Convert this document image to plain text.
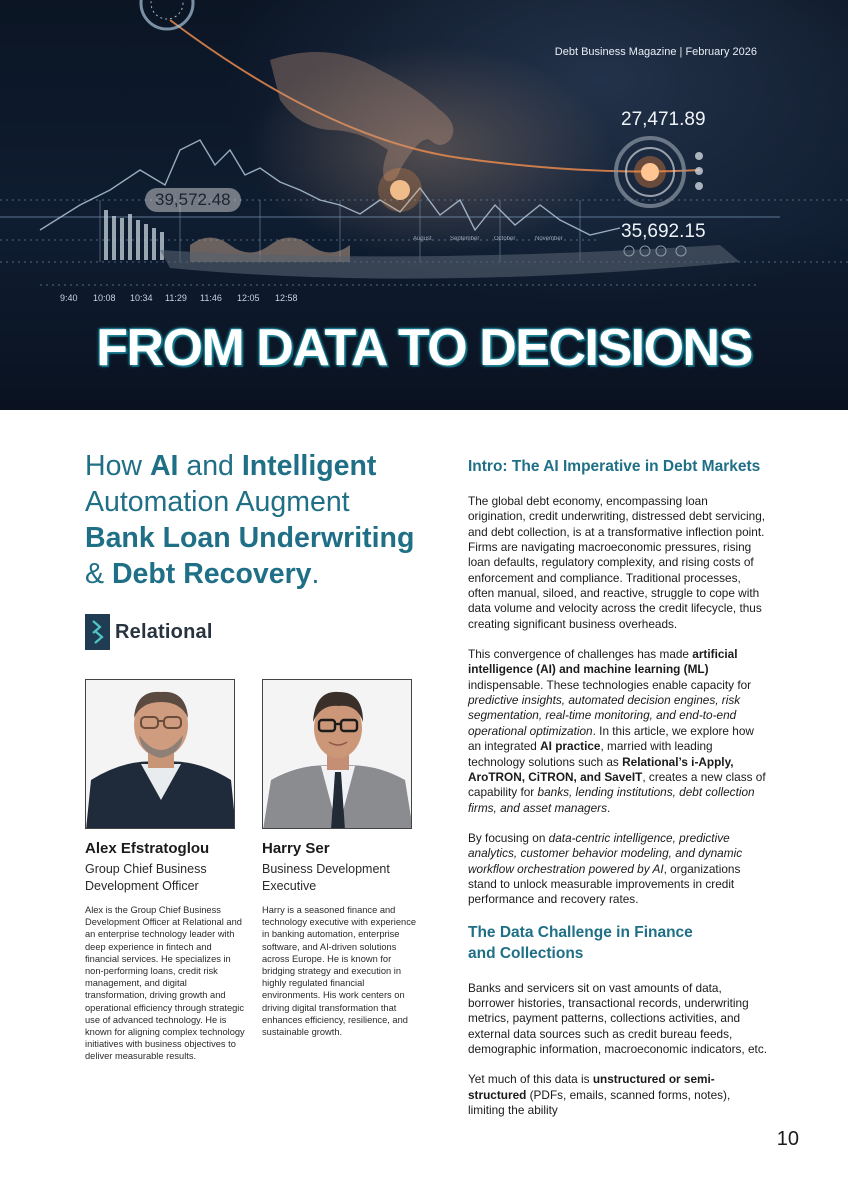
August	September October	November
Debt Business Magazine | February 2026
27,471.89
39,572.48
35,692.15
9:40 10:08 10:34 11:29 11:46 12:05 12:58
FROM DATA TO DECISIONS
How AI and Intelligent
Automation Augment
Bank Loan Underwriting
& Debt Recovery.
Relational
Alex Efstratoglou
Group Chief Business Development Officer
Alex is the Group Chief Business Development Officer at Relational and an enterprise technology leader with deep experience in fintech and financial services. He specializes in non-performing loans, credit risk management, and digital transformation, driving growth and operational efficiency through strategic use of advanced technology. He is known for aligning complex technology initiatives with business objectives to deliver measurable results.
Harry Ser
Business Development Executive
Harry is a seasoned finance and technology executive with experience in banking automation, enterprise software, and AI-driven solutions across Europe. He is known for bridging strategy and execution in highly regulated financial environments. His work centers on driving digital transformation that enhances efficiency, resilience, and sustainable growth.
Intro: The AI Imperative in Debt Markets

The global debt economy, encompassing loan origination, credit underwriting, distressed debt servicing, and debt collection, is at a transformative inflection point. Firms are navigating macroeconomic pressures, rising loan defaults, regulatory complexity, and rising costs of enforcement and compliance. Traditional processes, often manual, siloed, and reactive, struggle to cope with data volume and velocity across the credit lifecycle, thus creating significant business overheads.

This convergence of challenges has made artificial intelligence (AI) and machine learning (ML) indispensable. These technologies enable capacity for predictive insights, automated decision engines, risk segmentation, real-time monitoring, and end-to-end operational optimization. In this article, we explore how an integrated AI practice, married with leading technology solutions such as Relational’s i-Apply, AroTRON, CiTRON, and SaveIT, creates a new class of capability for banks, lending institutions, debt collection firms, and asset managers.

By focusing on data-centric intelligence, predictive analytics, customer behavior modeling, and dynamic workflow orchestration powered by AI, organizations stand to unlock measurable improvements in credit performance and recovery rates.

The Data Challenge in Finance
and Collections

Banks and servicers sit on vast amounts of data, borrower histories, transactional records, underwriting metrics, payment patterns, collections activities, and external data sources such as credit bureau feeds, demographic information, macroeconomic indicators, etc.

Yet much of this data is unstructured or semi-structured (PDFs, emails, scanned forms, notes), limiting the ability

10
